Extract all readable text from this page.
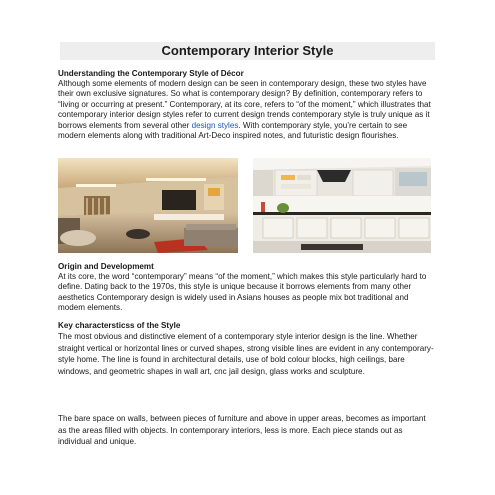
Contemporary Interior Style
Understanding the Contemporary Style of Décor

Although some elements of modern design can be seen in contemporary design, these two styles have their own exclusive signatures. So what is contemporary design? By definition, contemporary refers to “living or occurring at present.” Contemporary, at its core, refers to “of the moment,” which illustrates that contemporary interior design styles refer to current design trends contemporary style is truly unique as it borrows elements from several other design styles. With contemporary style, you’re certain to see modern elements along with traditional Art-Deco inspired notes, and futuristic design flourishes.

Origin and Developmemt

At its core, the word “contemporary” means “of the moment,” which makes this style particularly hard to define. Dating back to the 1970s, this style is unique because it borrows elements from many other aesthetics Contemporary design is widely used in Asians houses as people mix bot traditional and modem elements.

Key charactersticss of the Style

The most obvious and distinctive element of a contemporary style interior design is the line. Whether straight vertical or horizontal lines or curved shapes, strong visible lines are evident in any contemporary-style home. The line is found in architectural details, use of bold colour blocks, high ceilings, bare windows, and geometric shapes in wall art, cnc jail design, glass works and sculpture.

The bare space on walls, between pieces of furniture and above in upper areas, becomes as important as the areas filled with objects. In contemporary interiors, less is more. Each piece stands out as individual and unique.
